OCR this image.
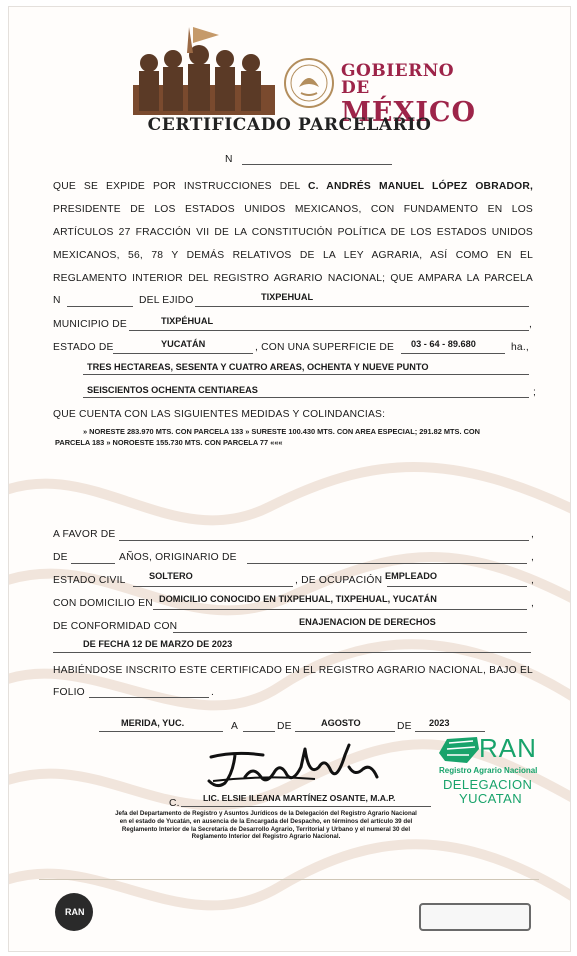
GOBIERNO DE
MÉXICO
CERTIFICADO PARCELARIO
N
QUE SE EXPIDE POR INSTRUCCIONES DEL C. ANDRÉS MANUEL LÓPEZ OBRADOR,
PRESIDENTE DE LOS ESTADOS UNIDOS MEXICANOS, CON FUNDAMENTO EN LOS
ARTÍCULOS 27 FRACCIÓN VII DE LA CONSTITUCIÓN POLÍTICA DE LOS ESTADOS UNIDOS
MEXICANOS, 56, 78 Y DEMÁS RELATIVOS DE LA LEY AGRARIA, ASÍ COMO EN EL
REGLAMENTO INTERIOR DEL REGISTRO AGRARIO NACIONAL; QUE AMPARA LA PARCELA
N	DEL EJIDO	TIXPEHUAL
MUNICIPIO DE	TIXPÉHUAL	,
ESTADO DE	YUCATÁN	, CON UNA SUPERFICIE DE 03 - 64 - 89.680	ha.,
TRES HECTAREAS, SESENTA Y CUATRO AREAS, OCHENTA Y NUEVE PUNTO
SEISCIENTOS OCHENTA CENTIAREAS	;
QUE CUENTA CON LAS SIGUIENTES MEDIDAS Y COLINDANCIAS:
» NORESTE 283.970 MTS. CON PARCELA 133 » SURESTE 100.430 MTS. CON AREA ESPECIAL; 291.82 MTS. CON
PARCELA 183 » NOROESTE 155.730 MTS. CON PARCELA 77 «««
A FAVOR DE	,
DE	AÑOS, ORIGINARIO DE	,
ESTADO CIVIL	SOLTERO	, DE OCUPACIÓN EMPLEADO	,
CON DOMICILIO EN DOMICILIO CONOCIDO EN TIXPEHUAL, TIXPEHUAL, YUCATÁN	,
DE CONFORMIDAD CON	ENAJENACION DE DERECHOS
DE FECHA 12 DE MARZO DE 2023
HABIÉNDOSE INSCRITO ESTE CERTIFICADO EN EL REGISTRO AGRARIO NACIONAL, BAJO EL
FOLIO	.
MERIDA, YUC.	A	DE	AGOSTO	DE 2023
C.	LIC. ELSIE ILEANA MARTÍNEZ OSANTE, M.A.P.
Jefa del Departamento de Registro y Asuntos Jurídicos de la Delegación del Registro Agrario Nacional
en el estado de Yucatán, en ausencia de la Encargada del Despacho, en términos del artículo 39 del
Reglamento Interior de la Secretaría de Desarrollo Agrario, Territorial y Urbano y el numeral 30 del
Reglamento Interior del Registro Agrario Nacional.
RAN
Registro Agrario Nacional
DELEGACION
YUCATAN
RAN
